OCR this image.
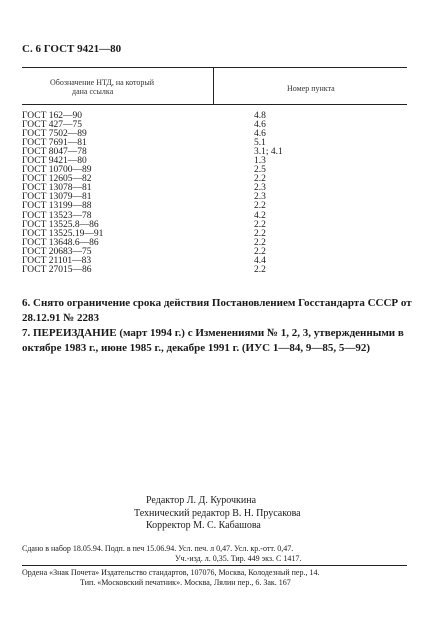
С. 6 ГОСТ 9421—80
Обозначение НТД, на который
дана ссылка	Номер пункта
ГОСТ 162—90	4.8
ГОСТ 427—75	4.6
ГОСТ 7502—89	4.6
ГОСТ 7691—81	5.1
ГОСТ 8047—78	3.1; 4.1
ГОСТ 9421—80	1.3
ГОСТ 10700—89	2.5
ГОСТ 12605—82	2.2
ГОСТ 13078—81	2.3
ГОСТ 13079—81	2.3
ГОСТ 13199—88	2.2
ГОСТ 13523—78	4.2
ГОСТ 13525.8—86	2.2
ГОСТ 13525.19—91	2.2
ГОСТ 13648.6—86	2.2
ГОСТ 20683—75	2.2
ГОСТ 21101—83	4.4
ГОСТ 27015—86	2.2
6. Снято ограничение срока действия Постановлением Госстандарта СССР от 28.12.91 № 2283
7. ПЕРЕИЗДАНИЕ (март 1994 г.) с Изменениями № 1, 2, 3, утвержденными в октябре 1983 г., июне 1985 г., декабре 1991 г. (ИУС 1—84, 9—85, 5—92)
Редактор Л. Д. Курочкина
Технический редактор В. Н. Прусакова
Корректор М. С. Кабашова
Сдано в набор 18.05.94. Подп. в печ 15.06.94. Усл. печ. л 0,47. Усл. кр.-отт. 0,47.
Уч.-изд. л. 0,35. Тир. 449 экз. С 1417.
Ордена «Знак Почета» Издательство стандартов, 107076, Москва, Колодезный пер., 14.
Тип. «Московский печатник». Москва, Лялин пер., 6. Зак. 167
